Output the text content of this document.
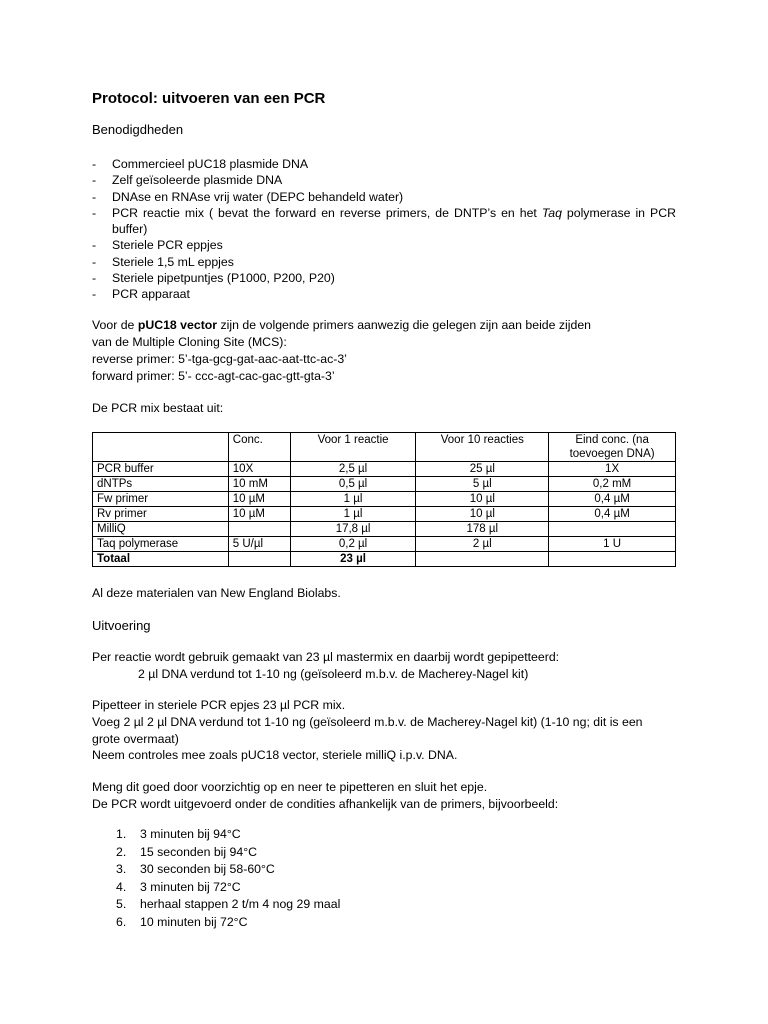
Protocol: uitvoeren van een PCR
Benodigdheden
- Commercieel pUC18 plasmide DNA
- Zelf geïsoleerde plasmide DNA
- DNAse en RNAse vrij water (DEPC behandeld water)
- PCR reactie mix ( bevat the forward en reverse primers, de DNTP’s en het Taq polymerase in PCR buffer)
- Steriele PCR eppjes
- Steriele 1,5 mL eppjes
- Steriele pipetpuntjes (P1000, P200, P20)
- PCR apparaat
Voor de pUC18 vector zijn de volgende primers aanwezig die gelegen zijn aan beide zijden
van de Multiple Cloning Site (MCS):
reverse primer: 5’-tga-gcg-gat-aac-aat-ttc-ac-3’
forward primer: 5’- ccc-agt-cac-gac-gtt-gta-3’
De PCR mix bestaat uit:
	Conc.	Voor 1 reactie	Voor 10 reacties	Eind conc. (na toevoegen DNA)
PCR buffer	10X	2,5 µl	25 µl	1X
dNTPs	10 mM	0,5 µl	5 µl	0,2 mM
Fw primer	10 µM	1 µl	10 µl	0,4 µM
Rv primer	10 µM	1 µl	10 µl	0,4 µM
MilliQ		17,8 µl	178 µl	
Taq polymerase	5 U/µl	0,2 µl	2 µl	1 U
Totaal		23 µl		
Al deze materialen van New England Biolabs.
Uitvoering
Per reactie wordt gebruik gemaakt van 23 µl mastermix en daarbij wordt gepipetteerd:
2 µl DNA verdund tot 1-10 ng (geïsoleerd m.b.v. de Macherey-Nagel kit)
Pipetteer in steriele PCR epjes 23 µl PCR mix.
Voeg 2 µl 2 µl DNA verdund tot 1-10 ng (geïsoleerd m.b.v. de Macherey-Nagel kit) (1-10 ng; dit is een
grote overmaat)
Neem controles mee zoals pUC18 vector, steriele milliQ i.p.v. DNA.
Meng dit goed door voorzichtig op en neer te pipetteren en sluit het epje.
De PCR wordt uitgevoerd onder de condities afhankelijk van de primers, bijvoorbeeld:
1. 3 minuten bij 94°C
2. 15 seconden bij 94°C
3. 30 seconden bij 58-60°C
4. 3 minuten bij 72°C
5. herhaal stappen 2 t/m 4 nog 29 maal
6. 10 minuten bij 72°C
